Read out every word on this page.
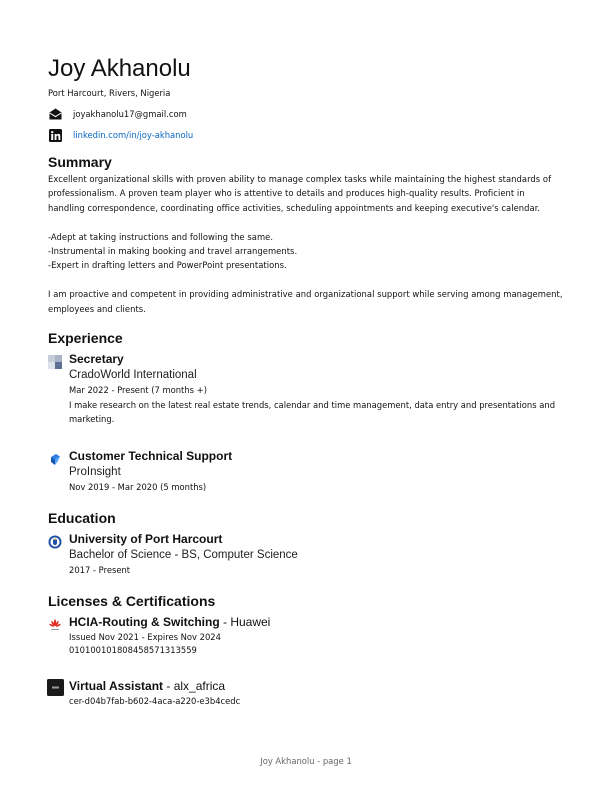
Joy Akhanolu
Port Harcourt, Rivers, Nigeria
joyakhanolu17@gmail.com
linkedin.com/in/joy-akhanolu
Summary

Excellent organizational skills with proven ability to manage complex tasks while maintaining the highest standards of professionalism. A proven team player who is attentive to details and produces high-quality results. Proficient in handling correspondence, coordinating office activities, scheduling appointments and keeping executive's calendar.

-Adept at taking instructions and following the same.

-Instrumental in making booking and travel arrangements.

-Expert in drafting letters and PowerPoint presentations.

I am proactive and competent in providing administrative and organizational support while serving among management, employees and clients.

Experience
Secretary
CradoWorld International
Mar 2022 - Present (7 months +)
I make research on the latest real estate trends, calendar and time management, data entry and presentations and marketing.
Customer Technical Support
ProInsight
Nov 2019 - Mar 2020 (5 months)
Education
University of Port Harcourt
Bachelor of Science - BS, Computer Science
2017 - Present
Licenses & Certifications
HCIA-Routing & Switching - Huawei
Issued Nov 2021 - Expires Nov 2024
010100101808458571313559
Virtual Assistant - alx_africa
cer-d04b7fab-b602-4aca-a220-e3b4cedc
Joy Akhanolu - page 1
